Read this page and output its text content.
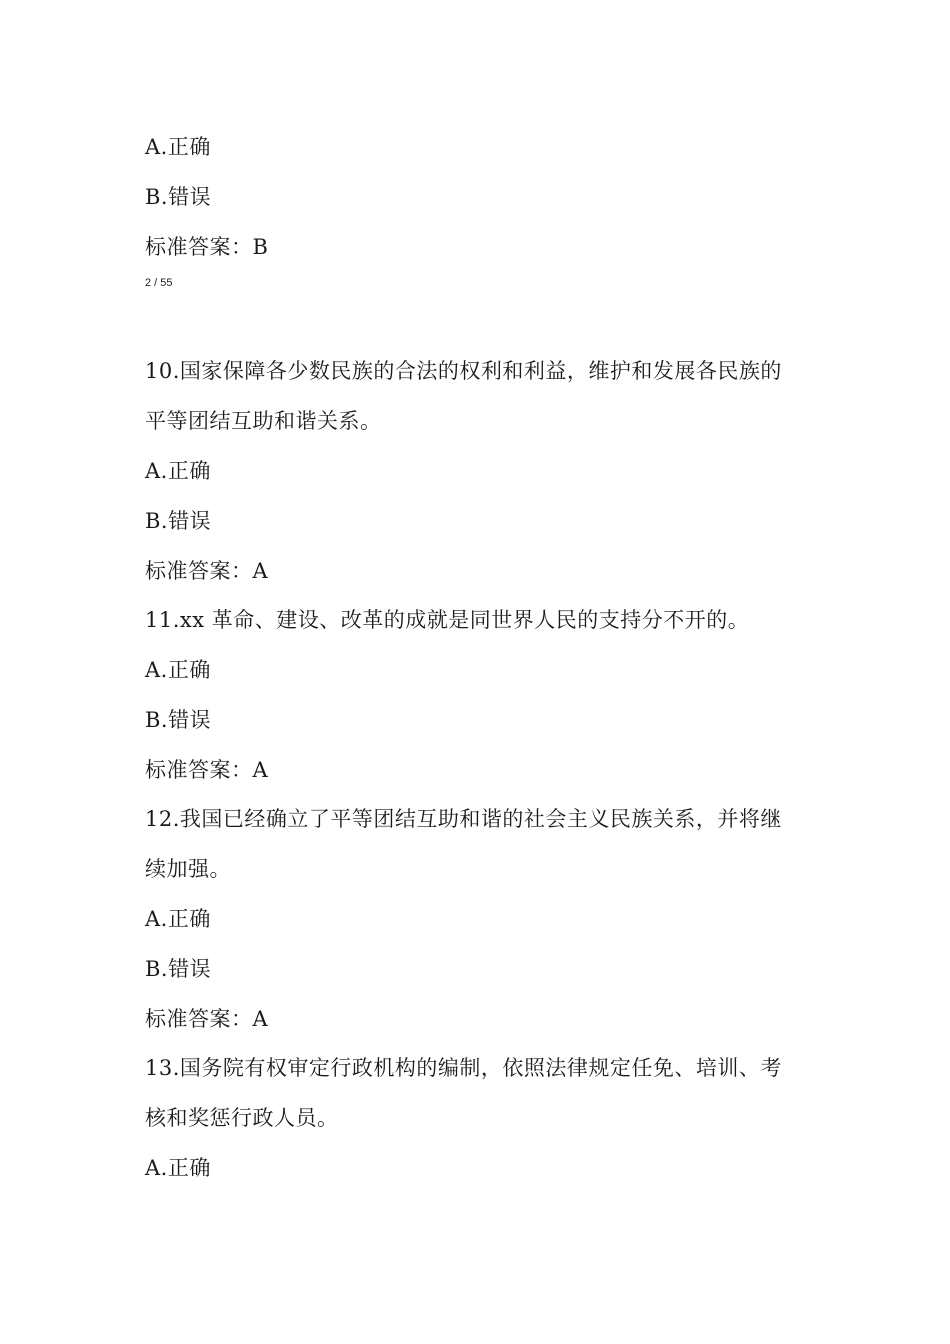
A.正确
B.错误
标准答案：B
2 / 55
10.国家保障各少数民族的合法的权利和利益，维护和发展各民族的
平等团结互助和谐关系。
A.正确
B.错误
标准答案：A
11.xx 革命、建设、改革的成就是同世界人民的支持分不开的。
A.正确
B.错误
标准答案：A
12.我国已经确立了平等团结互助和谐的社会主义民族关系，并将继
续加强。
A.正确
B.错误
标准答案：A
13.国务院有权审定行政机构的编制，依照法律规定任免、培训、考
核和奖惩行政人员。
A.正确
